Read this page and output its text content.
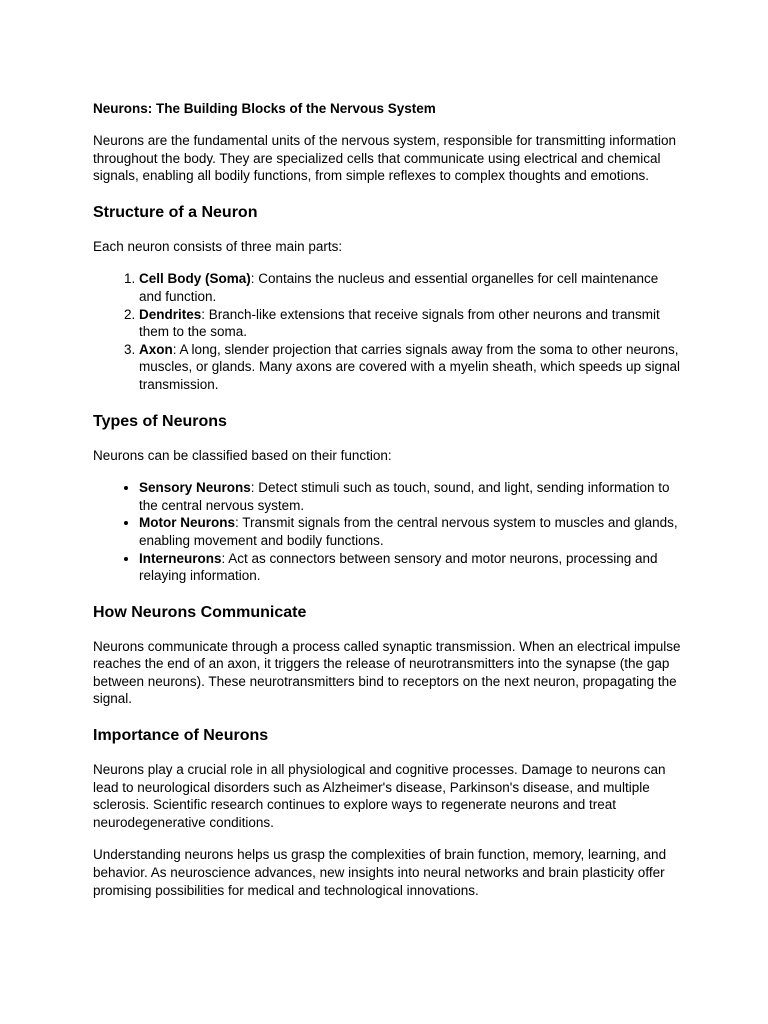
Neurons: The Building Blocks of the Nervous System

Neurons are the fundamental units of the nervous system, responsible for transmitting information throughout the body. They are specialized cells that communicate using electrical and chemical signals, enabling all bodily functions, from simple reflexes to complex thoughts and emotions.

Structure of a Neuron

Each neuron consists of three main parts:

1. Cell Body (Soma): Contains the nucleus and essential organelles for cell maintenance and function.
2. Dendrites: Branch-like extensions that receive signals from other neurons and transmit them to the soma.
3. Axon: A long, slender projection that carries signals away from the soma to other neurons, muscles, or glands. Many axons are covered with a myelin sheath, which speeds up signal transmission.
Types of Neurons

Neurons can be classified based on their function:

• Sensory Neurons: Detect stimuli such as touch, sound, and light, sending information to the central nervous system.
• Motor Neurons: Transmit signals from the central nervous system to muscles and glands, enabling movement and bodily functions.
• Interneurons: Act as connectors between sensory and motor neurons, processing and relaying information.
How Neurons Communicate

Neurons communicate through a process called synaptic transmission. When an electrical impulse reaches the end of an axon, it triggers the release of neurotransmitters into the synapse (the gap between neurons). These neurotransmitters bind to receptors on the next neuron, propagating the signal.

Importance of Neurons

Neurons play a crucial role in all physiological and cognitive processes. Damage to neurons can lead to neurological disorders such as Alzheimer's disease, Parkinson's disease, and multiple sclerosis. Scientific research continues to explore ways to regenerate neurons and treat neurodegenerative conditions.

Understanding neurons helps us grasp the complexities of brain function, memory, learning, and behavior. As neuroscience advances, new insights into neural networks and brain plasticity offer promising possibilities for medical and technological innovations.
